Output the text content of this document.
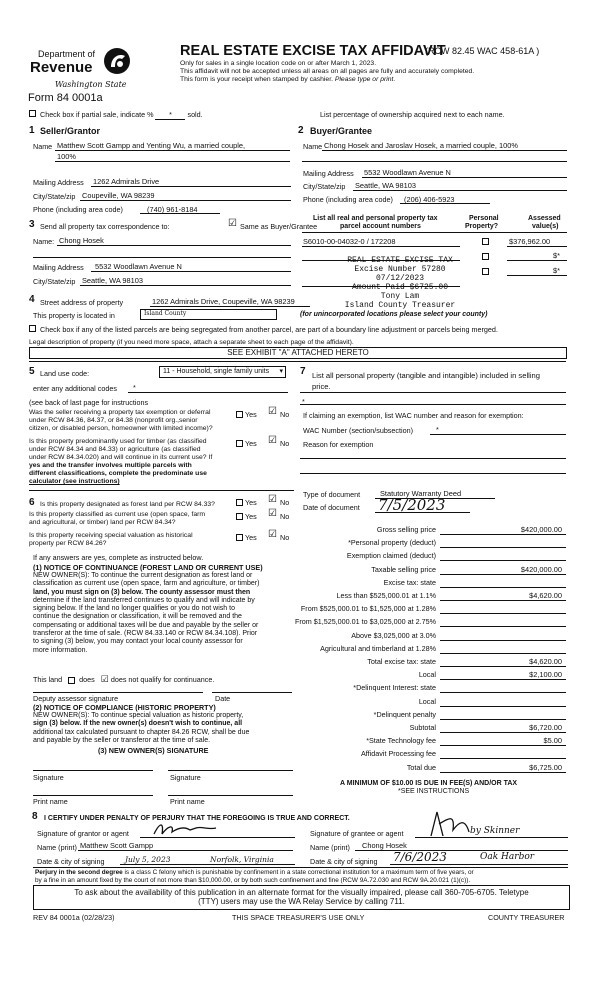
Department of
Revenue
Washington State
Form 84 0001a
REAL ESTATE EXCISE TAX AFFIDAVIT
(RCW 82.45 WAC 458-61A )
Only for sales in a single location code on or after March 1, 2023.
This affidavit will not be accepted unless all areas on all pages are fully and accurately completed.
This form is your receipt when stamped by cashier. Please type or print.
Check box if partial sale, indicate % * sold.	List percentage of ownership acquired next to each name.
1 Seller/Grantor
Name Matthew Scott Gampp and Yenting Wu, a married couple,
100%
Mailing Address 1262 Admirals Drive
City/State/zip Coupeville, WA 98239
Phone (including area code)	(740) 961-8184
2 Buyer/Grantee
Name Chong Hosek and Jaroslav Hosek, a married couple, 100%
Mailing Address 5532 Woodlawn Avenue N
City/State/zip Seattle, WA 98103
Phone (including area code) (206) 406-5923
3 Send all property tax correspondence to:	☑ Same as Buyer/Grantee
Name: Chong Hosek
Mailing Address 5532 Woodlawn Avenue N
City/State/zip Seattle, WA 98103
List all real and personal property tax
parcel account numbers
Personal
Property?
Assessed
value(s)
S6010-00-04032-0 / 172208	$376,962.00
$*
$*
REAL ESTATE EXCISE TAX
Excise Number 57280
07/12/2023
Amount Paid $6725.00
Tony Lam
Island County Treasurer
4 Street address of property	1262 Admirals Drive, Coupeville, WA 98239
This property is located in	Island County	(for unincorporated locations please select your county)
Check box if any of the listed parcels are being segregated from another parcel, are part of a boundary line adjustment or parcels being merged.
Legal description of property (if you need more space, attach a separate sheet to each page of the affidavit).
SEE EXHIBIT "A" ATTACHED HERETO
5 Land use code:	11 - Household, single family units ▾
enter any additional codes *
(see back of last page for instructions
Was the seller receiving a property tax exemption or deferral
under RCW 84.36, 84.37, or 84.38 (nonprofit org.,senior
citizen, or disabled person, homeowner with limited income)?
Yes ☑ No
Is this property predominantly used for timber (as classified
under RCW 84.34 and 84.33) or agriculture (as classified
under RCW 84.34.020) and will continue in its current use? If
yes and the transfer involves multiple parcels with
different classifications, complete the predominate use
calculator (see instructions)
Yes ☑ No
6 Is this property designated as forest land per RCW 84.33?	Yes ☑ No
Is this property classified as current use (open space, farm
and agricultural, or timber) land per RCW 84.34?
Yes ☑ No
Is this property receiving special valuation as historical
property per RCW 84.26?
Yes ☑ No
If any answers are yes, complete as instructed below.
(1) NOTICE OF CONTINUANCE (FOREST LAND OR CURRENT USE)
NEW OWNER(S): To continue the current designation as forest land or
classification as current use (open space, farm and agriculture, or timber)
land, you must sign on (3) below. The county assessor must then
determine if the land transferred continues to qualify and will indicate by
signing below. If the land no longer qualifies or you do not wish to
continue the designation or classification, it will be removed and the
compensating or additional taxes will be due and payable by the seller or
transferor at the time of sale. (RCW 84.33.140 or RCW 84.34.108). Prior
to signing (3) below, you may contact your local county assessor for
more information.
This land does ☑ does not qualify for continuance.
Deputy assessor signature	Date
(2) NOTICE OF COMPLIANCE (HISTORIC PROPERTY)
NEW OWNER(S): To continue special valuation as historic property,
sign (3) below. If the new owner(s) doesn't wish to continue, all
additional tax calculated pursuant to chapter 84.26 RCW, shall be due
and payable by the seller or transferor at the time of sale.
(3) NEW OWNER(S) SIGNATURE
Signature	Signature
Print name	Print name
7 List all personal property (tangible and intangible) included in selling
price.
*
If claiming an exemption, list WAC number and reason for exemption:
WAC Number (section/subsection)	*
Reason for exemption
Type of document	Statutory Warranty Deed
Date of document 7/5/2023
Gross selling price	$420,000.00
*Personal property (deduct)
Exemption claimed (deduct)
Taxable selling price	$420,000.00
Excise tax: state
Less than $525,000.01 at 1.1%	$4,620.00
From $525,000.01 to $1,525,000 at 1.28%
From $1,525,000.01 to $3,025,000 at 2.75%
Above $3,025,000 at 3.0%
Agricultural and timberland at 1.28%
Total excise tax: state	$4,620.00
Local	$2,100.00
*Delinquent Interest: state
Local
*Delinquent penalty
Subtotal	$6,720.00
*State Technology fee	$5.00
Affidavit Processing fee
Total due	$6,725.00
A MINIMUM OF $10.00 IS DUE IN FEE(S) AND/OR TAX
*SEE INSTRUCTIONS
8 I CERTIFY UNDER PENALTY OF PERJURY THAT THE FOREGOING IS TRUE AND CORRECT.
Signature of grantor or agent
Name (print) Matthew Scott Gampp
Date & city of signing	July 5, 2023	Norfolk, Virginia
Signature of grantee or agent	by Skinner
Name (print) Chong Hosek
Date & city of signing 7/6/2023	Oak Harbor
Perjury in the second degree is a class C felony which is punishable by confinement in a state correctional institution for a maximum term of five years, or
by a fine in an amount fixed by the court of not more than $10,000.00, or by both such confinement and fine (RCW 9A.72.030 and RCW 9A.20.021 (1)(c)).
To ask about the availability of this publication in an alternate format for the visually impaired, please call 360-705-6705. Teletype
(TTY) users may use the WA Relay Service by calling 711.
REV 84 0001a (02/28/23)	THIS SPACE TREASURER'S USE ONLY	COUNTY TREASURER
